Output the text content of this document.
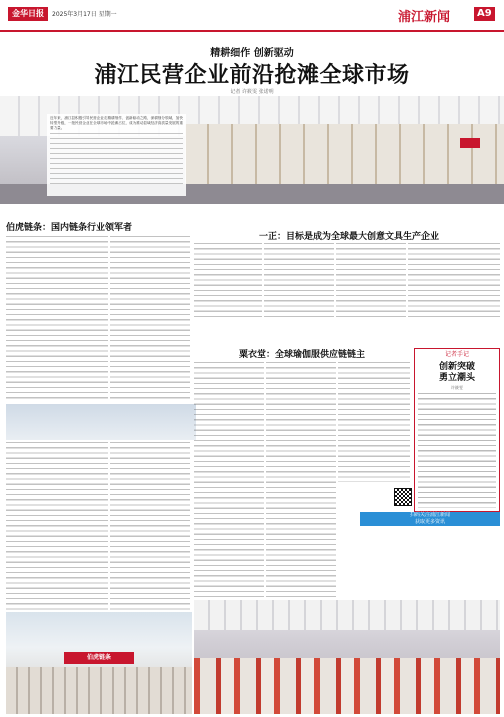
金华日报	2025年3月17日 星期一	浦江新闻	A9
精耕细作 创新驱动
浦江民营企业前沿抢滩全球市场
记者 许筱雯 张诺明
近年来，浦江县积极引导民营企业走精耕细作、创新驱动之路，深耕细分领域，加快转型升级，一批民营企业在全球市场中抢滩占位，成为推动县域经济高质量发展的重要力量。
伯虎链条：国内链条行业领军者
一正：目标是成为全球最大创意文具生产企业
粟衣堂：全球瑜伽服供应链链主	记者手记
创新突破
勇立潮头
许筱雯
扫码关注浦江新闻
获取更多资讯
伯虎链条
